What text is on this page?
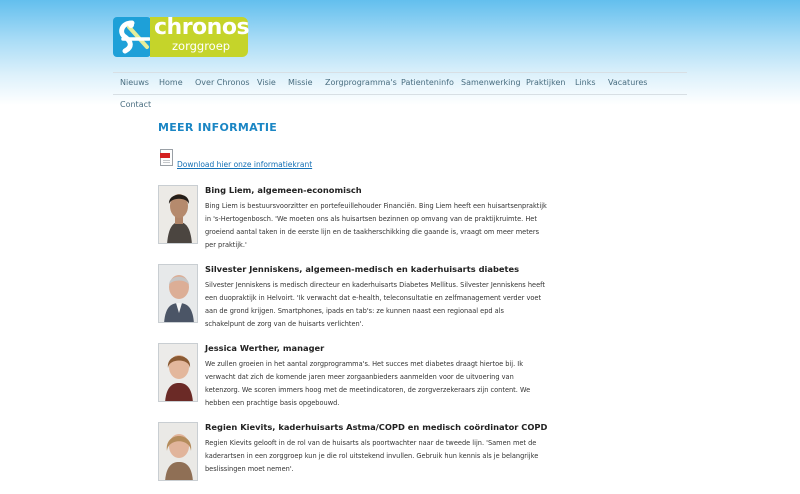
chronos
zorggroep
Nieuws Home Over Chronos Visie Missie Zorgprogramma's Patienteninfo Samenwerking Praktijken Links Vacatures
Contact
MEER INFORMATIE
Download hier onze informatiekrant
Bing Liem, algemeen-economisch
Bing Liem is bestuursvoorzitter en portefeuillehouder Financiën. Bing Liem heeft een huisartsenpraktijk
in 's-Hertogenbosch. 'We moeten ons als huisartsen bezinnen op omvang van de praktijkruimte. Het
groeiend aantal taken in de eerste lijn en de taakherschikking die gaande is, vraagt om meer meters
per praktijk.'
Silvester Jenniskens, algemeen-medisch en kaderhuisarts diabetes
Silvester Jenniskens is medisch directeur en kaderhuisarts Diabetes Mellitus. Silvester Jenniskens heeft
een duopraktijk in Helvoirt. 'Ik verwacht dat e-health, teleconsultatie en zelfmanagement verder voet
aan de grond krijgen. Smartphones, ipads en tab's: ze kunnen naast een regionaal epd als
schakelpunt de zorg van de huisarts verlichten'.
Jessica Werther, manager
We zullen groeien in het aantal zorgprogramma's. Het succes met diabetes draagt hiertoe bij. Ik
verwacht dat zich de komende jaren meer zorgaanbieders aanmelden voor de uitvoering van
ketenzorg. We scoren immers hoog met de meetindicatoren, de zorgverzekeraars zijn content. We
hebben een prachtige basis opgebouwd.
Regien Kievits, kaderhuisarts Astma/COPD en medisch coördinator COPD
Regien Kievits gelooft in de rol van de huisarts als poortwachter naar de tweede lijn. 'Samen met de
kaderartsen in een zorggroep kun je die rol uitstekend invullen. Gebruik hun kennis als je belangrijke
beslissingen moet nemen'.
